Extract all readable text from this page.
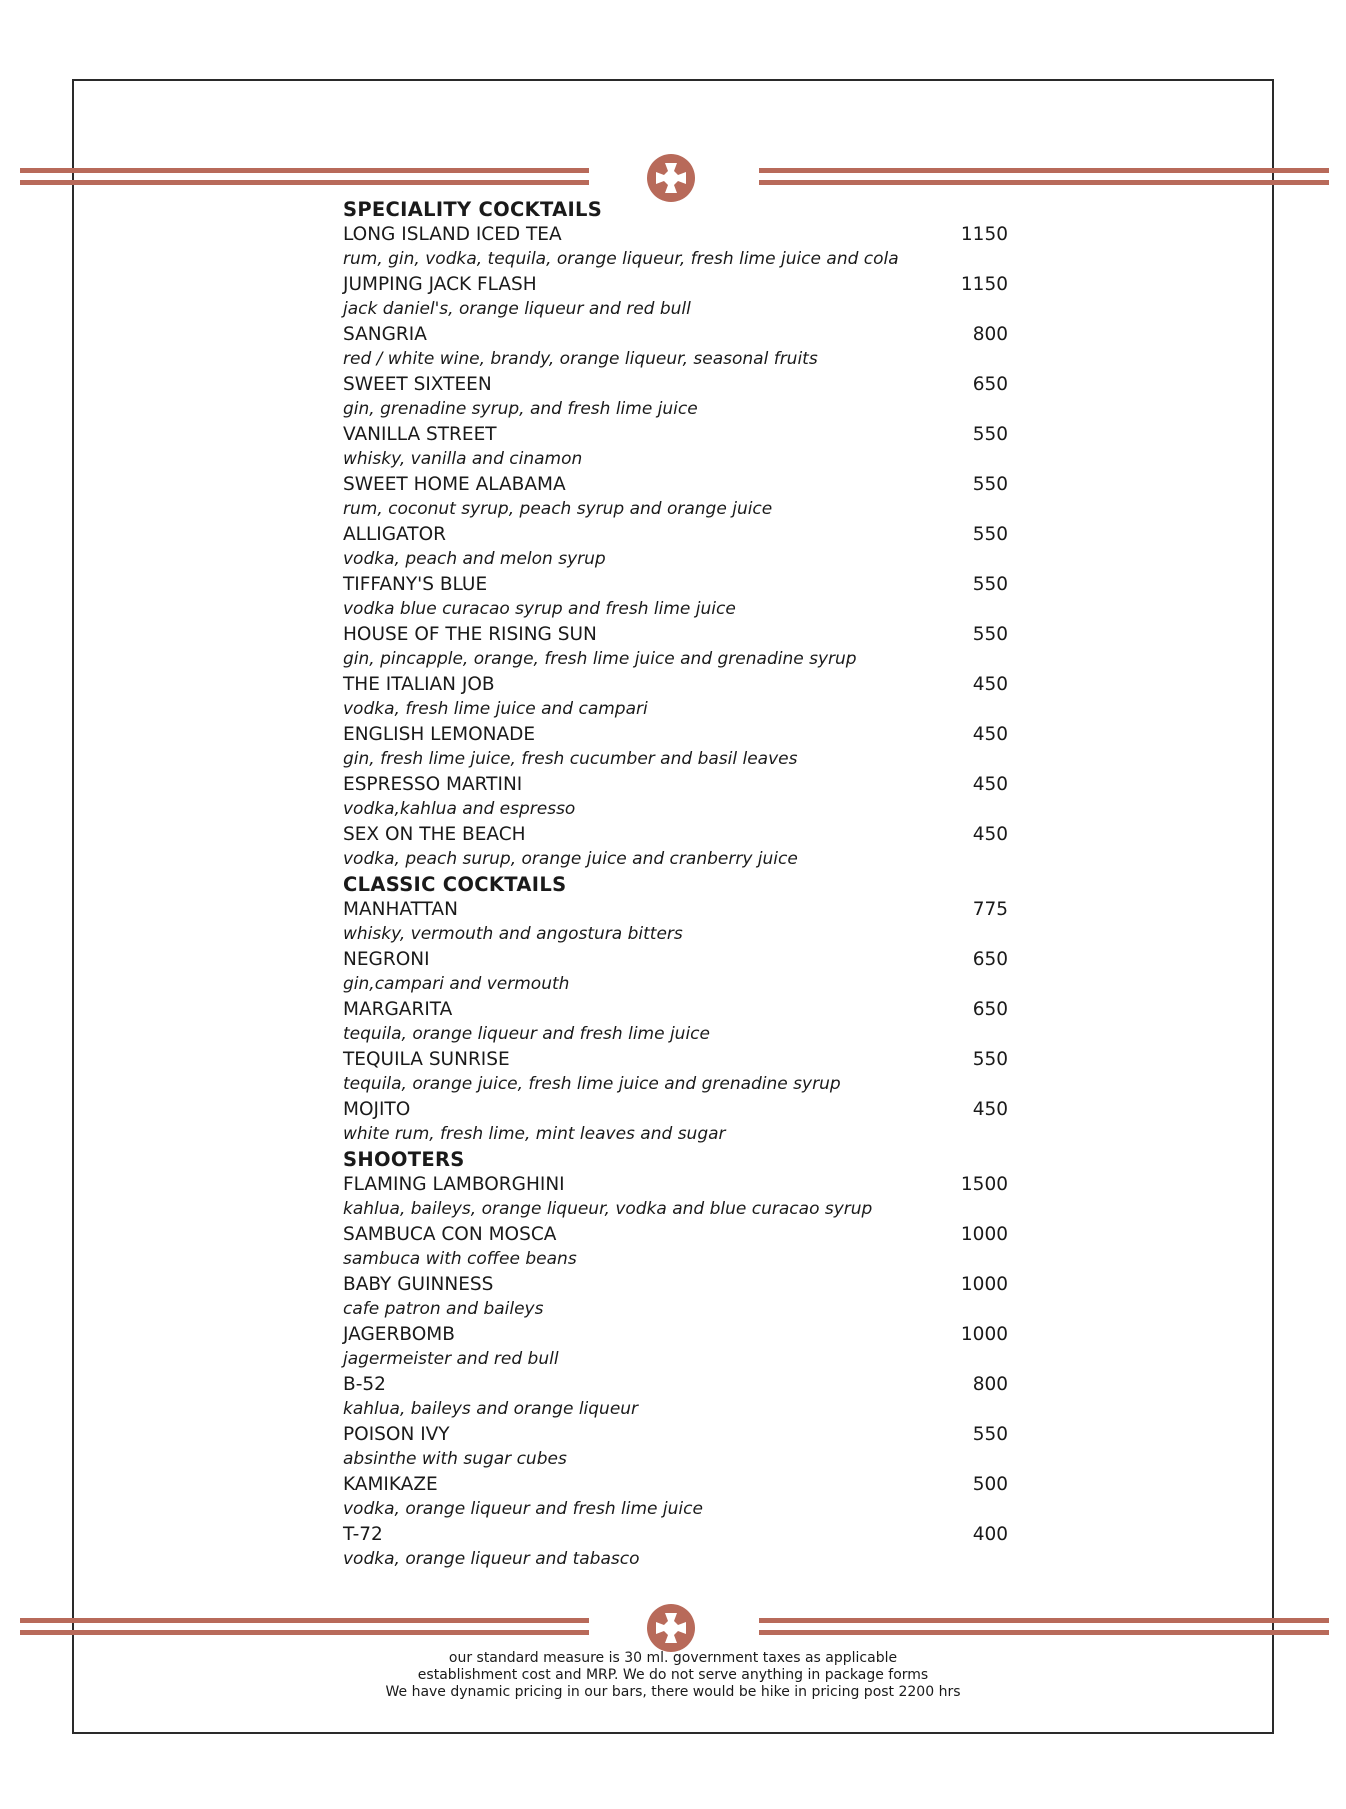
SPECIALITY COCKTAILS
LONG ISLAND ICED TEA	1150
rum, gin, vodka, tequila, orange liqueur, fresh lime juice and cola
JUMPING JACK FLASH	1150
jack daniel's, orange liqueur and red bull
SANGRIA	800
red / white wine, brandy, orange liqueur, seasonal fruits
SWEET SIXTEEN	650
gin, grenadine syrup, and fresh lime juice
VANILLA STREET	550
whisky, vanilla and cinamon
SWEET HOME ALABAMA	550
rum, coconut syrup, peach syrup and orange juice
ALLIGATOR	550
vodka, peach and melon syrup
TIFFANY'S BLUE	550
vodka blue curacao syrup and fresh lime juice
HOUSE OF THE RISING SUN	550
gin, pincapple, orange, fresh lime juice and grenadine syrup
THE ITALIAN JOB	450
vodka, fresh lime juice and campari
ENGLISH LEMONADE	450
gin, fresh lime juice, fresh cucumber and basil leaves
ESPRESSO MARTINI	450
vodka,kahlua and espresso
SEX ON THE BEACH	450
vodka, peach surup, orange juice and cranberry juice
CLASSIC COCKTAILS
MANHATTAN	775
whisky, vermouth and angostura bitters
NEGRONI	650
gin,campari and vermouth
MARGARITA	650
tequila, orange liqueur and fresh lime juice
TEQUILA SUNRISE	550
tequila, orange juice, fresh lime juice and grenadine syrup
MOJITO	450
white rum, fresh lime, mint leaves and sugar
SHOOTERS
FLAMING LAMBORGHINI	1500
kahlua, baileys, orange liqueur, vodka and blue curacao syrup
SAMBUCA CON MOSCA	1000
sambuca with coffee beans
BABY GUINNESS	1000
cafe patron and baileys
JAGERBOMB	1000
jagermeister and red bull
B-52	800
kahlua, baileys and orange liqueur
POISON IVY	550
absinthe with sugar cubes
KAMIKAZE	500
vodka, orange liqueur and fresh lime juice
T-72	400
vodka, orange liqueur and tabasco
our standard measure is 30 ml. government taxes as applicable
establishment cost and MRP. We do not serve anything in package forms
We have dynamic pricing in our bars, there would be hike in pricing post 2200 hrs
